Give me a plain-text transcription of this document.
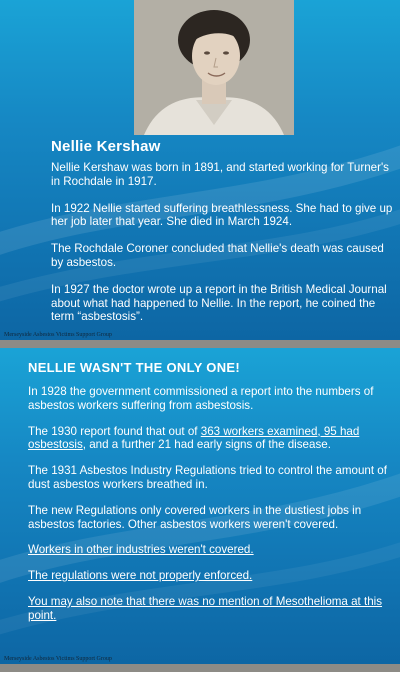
Nellie Kershaw

Nellie Kershaw was born in 1891, and started working for Turner's in Rochdale in 1917.

In 1922 Nellie started suffering breathlessness. She had to give up her job later that year. She died in March 1924.

The Rochdale Coroner concluded that Nellie's death was caused by asbestos.

In 1927 the doctor wrote up a report in the British Medical Journal about what had happened to Nellie. In the report, he coined the term “asbestosis”.

Merseyside Asbestos Victims Support Group
NELLIE WASN'T THE ONLY ONE!

In 1928 the government commissioned a report into the numbers of asbestos workers suffering from asbestosis.

The 1930 report found that out of 363 workers examined, 95 had osbestosis, and a further 21 had early signs of the disease.

The 1931 Asbestos Industry Regulations tried to control the amount of dust asbestos workers breathed in.

The new Regulations only covered workers in the dustiest jobs in asbestos factories. Other asbestos workers weren't covered.

Workers in other industries weren't covered.

The regulations were not properly enforced.

You may also note that there was no mention of Mesothelioma at this point.

Merseyside Asbestos Victims Support Group
